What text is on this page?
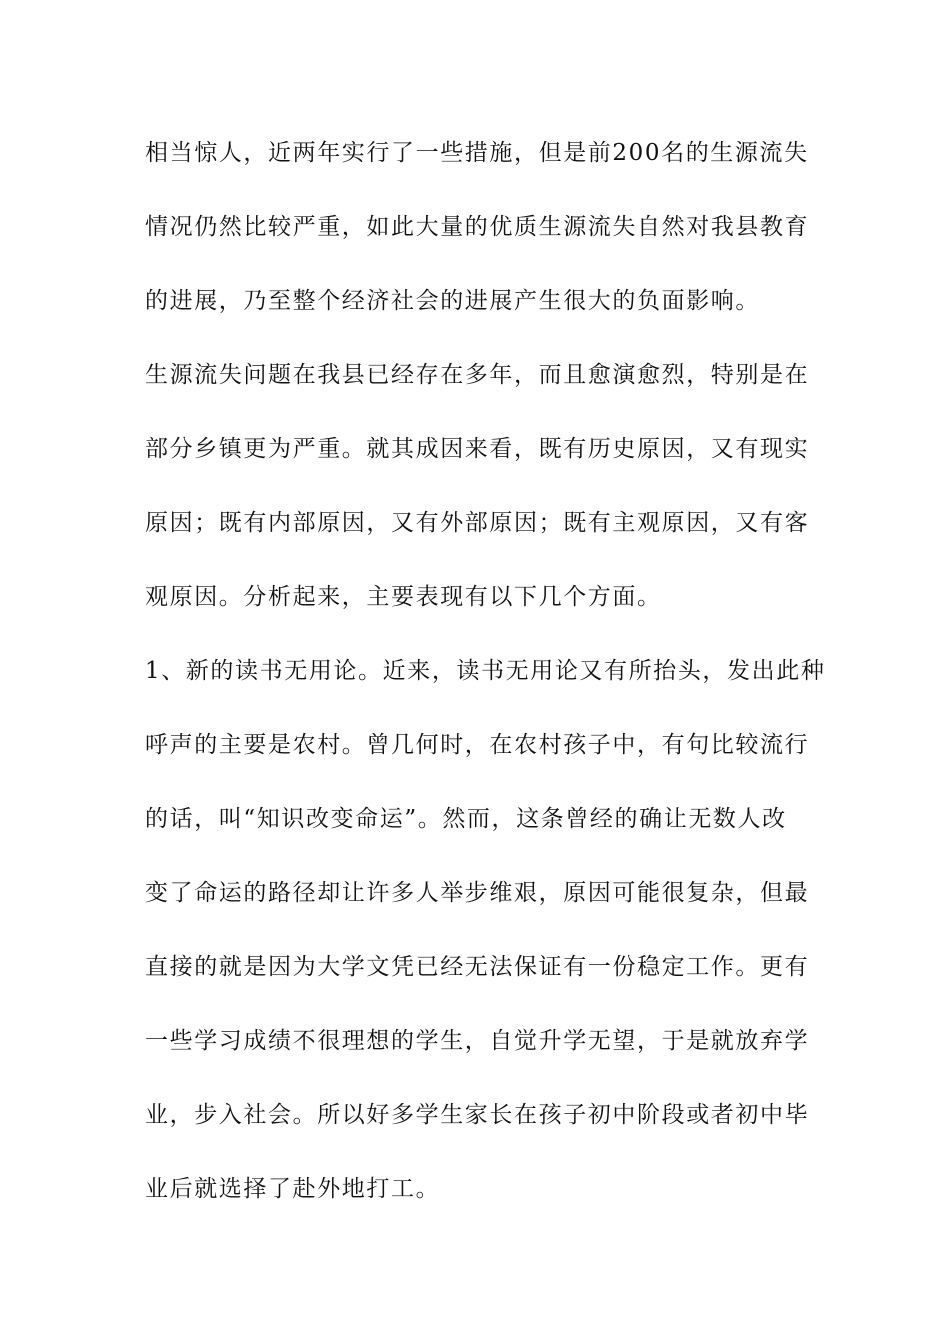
相当惊人，近两年实行了一些措施，但是前200名的生源流失
情况仍然比较严重，如此大量的优质生源流失自然对我县教育
的进展，乃至整个经济社会的进展产生很大的负面影响。
生源流失问题在我县已经存在多年，而且愈演愈烈，特别是在
部分乡镇更为严重。就其成因来看，既有历史原因，又有现实
原因；既有内部原因，又有外部原因；既有主观原因，又有客
观原因。分析起来，主要表现有以下几个方面。
1、新的读书无用论。近来，读书无用论又有所抬头，发出此种
呼声的主要是农村。曾几何时，在农村孩子中，有句比较流行
的话，叫“知识改变命运”。然而，这条曾经的确让无数人改
变了命运的路径却让许多人举步维艰，原因可能很复杂，但最
直接的就是因为大学文凭已经无法保证有一份稳定工作。更有
一些学习成绩不很理想的学生，自觉升学无望，于是就放弃学
业，步入社会。所以好多学生家长在孩子初中阶段或者初中毕
业后就选择了赴外地打工。
